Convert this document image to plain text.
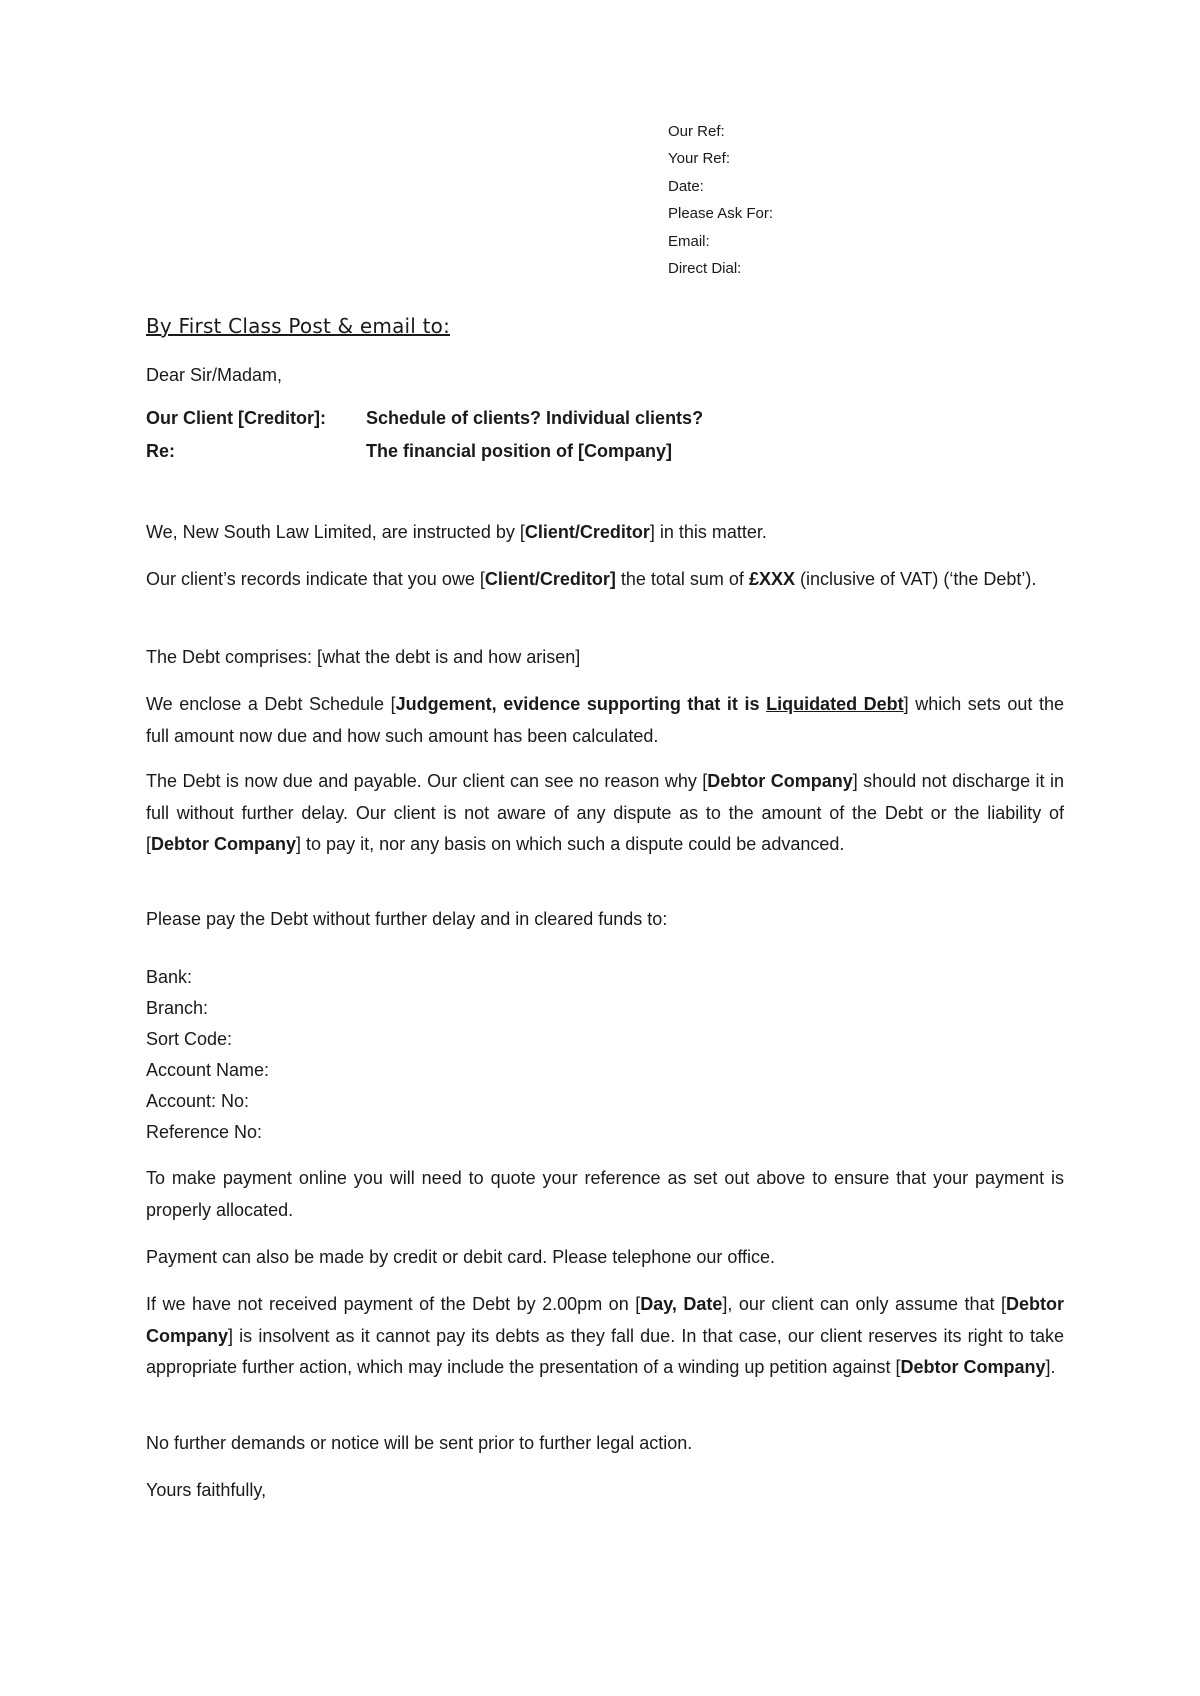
Our Ref:
Your Ref:
Date:
Please Ask For:
Email:
Direct Dial:
By First Class Post & email to:
Dear Sir/Madam,
Our Client [Creditor]: Schedule of clients? Individual clients?
Re:	The financial position of [Company]

We, New South Law Limited, are instructed by [Client/Creditor] in this matter.

Our client’s records indicate that you owe [Client/Creditor] the total sum of £XXX (inclusive of VAT) (‘the Debt’).

The Debt comprises: [what the debt is and how arisen]

We enclose a Debt Schedule [Judgement, evidence supporting that it is Liquidated Debt] which sets out the full amount now due and how such amount has been calculated.

The Debt is now due and payable. Our client can see no reason why [Debtor Company] should not discharge it in full without further delay. Our client is not aware of any dispute as to the amount of the Debt or the liability of [Debtor Company] to pay it, nor any basis on which such a dispute could be advanced.

Please pay the Debt without further delay and in cleared funds to:
Bank:
Branch:
Sort Code:
Account Name:
Account: No:
Reference No:

To make payment online you will need to quote your reference as set out above to ensure that your payment is properly allocated.

Payment can also be made by credit or debit card. Please telephone our office.

If we have not received payment of the Debt by 2.00pm on [Day, Date], our client can only assume that [Debtor Company] is insolvent as it cannot pay its debts as they fall due. In that case, our client reserves its right to take appropriate further action, which may include the presentation of a winding up petition against [Debtor Company].

No further demands or notice will be sent prior to further legal action.
Yours faithfully,
